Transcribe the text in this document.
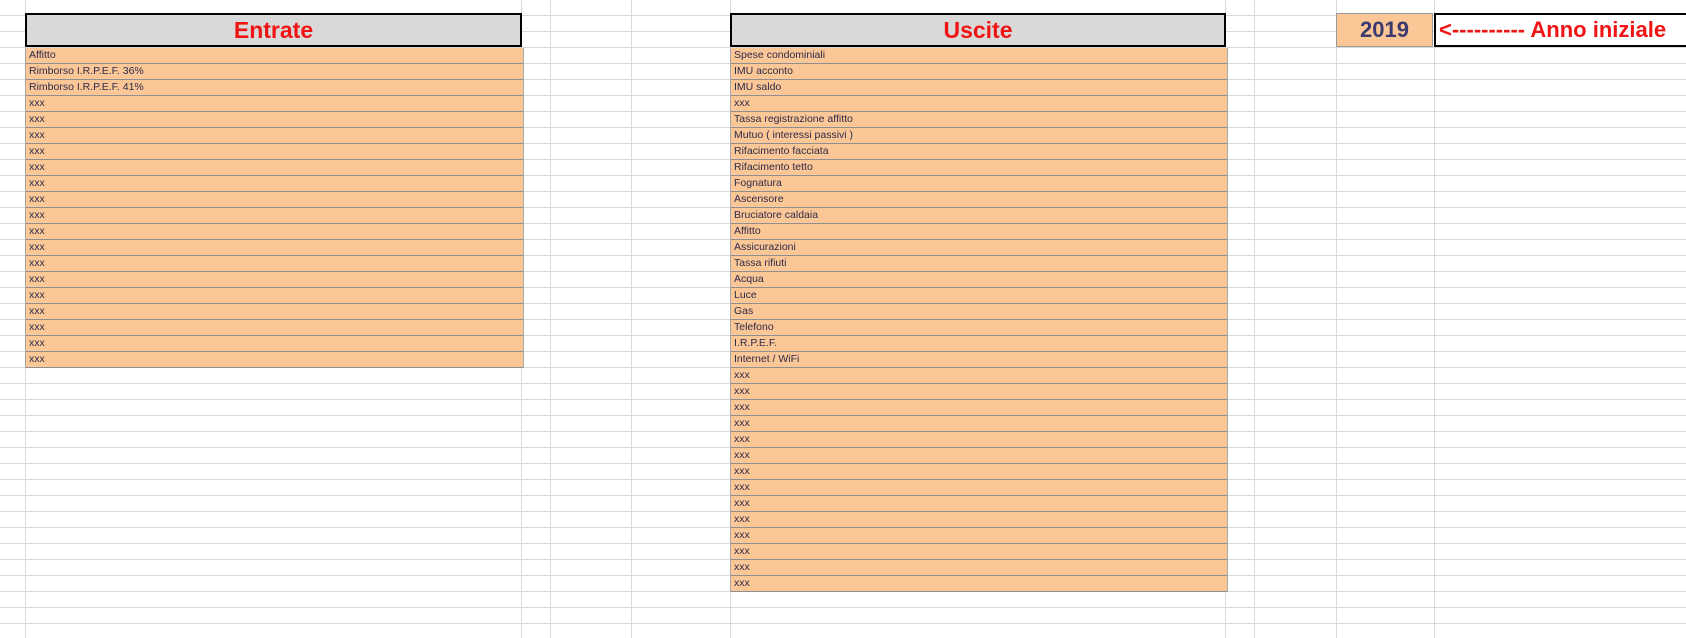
Entrate
Affitto
Rimborso I.R.P.E.F. 36%
Rimborso I.R.P.E.F. 41%
xxx
xxx
xxx
xxx
xxx
xxx
xxx
xxx
xxx
xxx
xxx
xxx
xxx
xxx
xxx
xxx
xxx
Uscite
Spese condominiali
IMU acconto
IMU saldo
xxx
Tassa registrazione affitto
Mutuo ( interessi passivi )
Rifacimento facciata
Rifacimento tetto
Fognatura
Ascensore
Bruciatore caldaia
Affitto
Assicurazioni
Tassa rifiuti
Acqua
Luce
Gas
Telefono
I.R.P.E.F.
Internet / WiFi
xxx
xxx
xxx
xxx
xxx
xxx
xxx
xxx
xxx
xxx
xxx
xxx
xxx
xxx
2019	<---------- Anno iniziale
